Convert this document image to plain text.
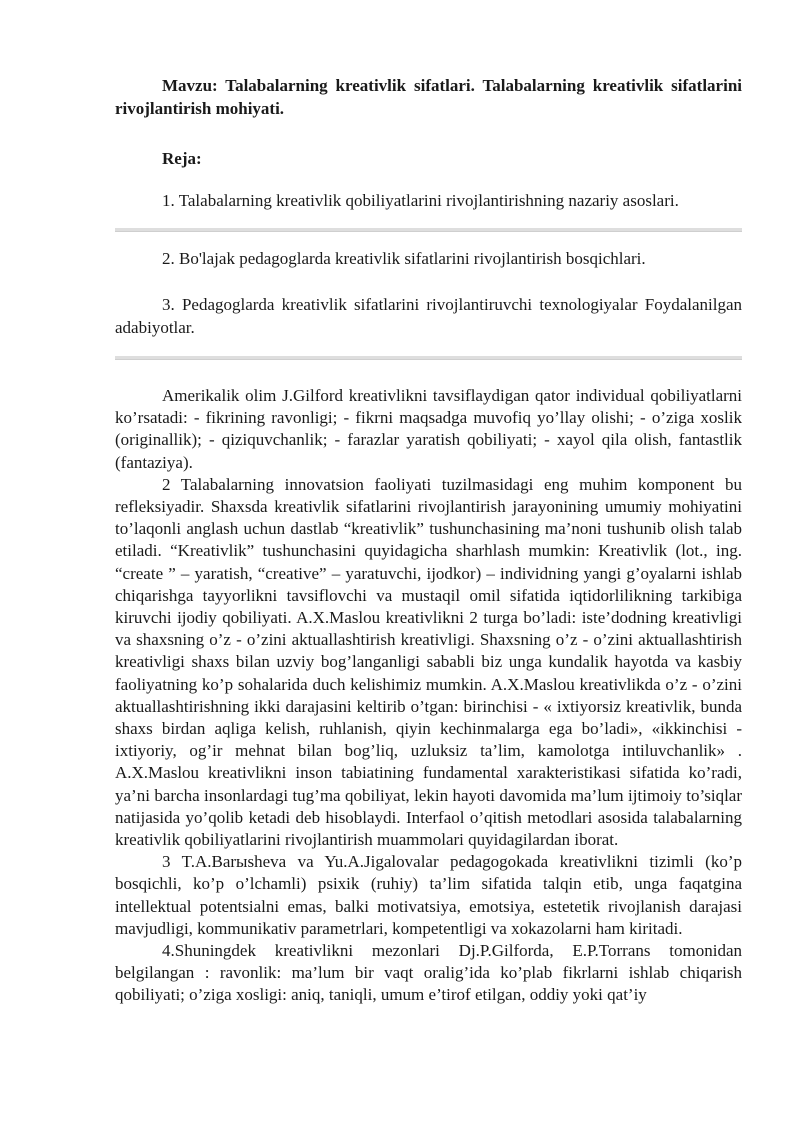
Mavzu: Talabalarning kreativlik sifatlari. Talabalarning kreativlik sifatlarini rivojlantirish mohiyati.

Reja:

1. Talabalarning kreativlik qobiliyatlarini rivojlantirishning nazariy asoslari.

2. Bo'lajak pedagoglarda kreativlik sifatlarini rivojlantirish bosqichlari.

3. Pedagoglarda kreativlik sifatlarini rivojlantiruvchi texnologiyalar Foydalanilgan adabiyotlar.

Amerikalik olim J.Gilford kreativlikni tavsiflaydigan qator individual qobiliyatlarni ko’rsatadi: - fikrining ravonligi; - fikrni maqsadga muvofiq yo’llay olishi; - o’ziga xoslik (originallik); - qiziquvchanlik; - farazlar yaratish qobiliyati; - xayol qila olish, fantastlik (fantaziya).

2 Talabalarning innovatsion faoliyati tuzilmasidagi eng muhim komponent bu refleksiyadir. Shaxsda kreativlik sifatlarini rivojlantirish jarayonining umumiy mohiyatini to’laqonli anglash uchun dastlab “kreativlik” tushunchasining ma’noni tushunib olish talab etiladi. “Kreativlik” tushunchasini quyidagicha sharhlash mumkin: Kreativlik (lot., ing. “create ” – yaratish, “creative” – yaratuvchi, ijodkor) – individning yangi g’oyalarni ishlab chiqarishga tayyorlikni tavsiflovchi va mustaqil omil sifatida iqtidorlilikning tarkibiga kiruvchi ijodiy qobiliyati. A.X.Maslou kreativlikni 2 turga bo’ladi: iste’dodning kreativligi va shaxsning o’z - o’zini aktuallashtirish kreativligi. Shaxsning o’z - o’zini aktuallashtirish kreativligi shaxs bilan uzviy bog’langanligi sababli biz unga kundalik hayotda va kasbiy faoliyatning ko’p sohalarida duch kelishimiz mumkin. A.X.Maslou kreativlikda o’z - o’zini aktuallashtirishning ikki darajasini keltirib o’tgan: birinchisi - « ixtiyorsiz kreativlik, bunda shaxs birdan aqliga kelish, ruhlanish, qiyin kechinmalarga ega bo’ladi», «ikkinchisi - ixtiyoriy, og’ir mehnat bilan bog’liq, uzluksiz ta’lim, kamolotga intiluvchanlik» . A.X.Maslou kreativlikni inson tabiatining fundamental xarakteristikasi sifatida ko’radi, ya’ni barcha insonlardagi tug’ma qobiliyat, lekin hayoti davomida ma’lum ijtimoiy to’siqlar natijasida yo’qolib ketadi deb hisoblaydi. Interfaol o’qitish metodlari asosida talabalarning kreativlik qobiliyatlarini rivojlantirish muammolari quyidagilardan iborat.

3 T.A.Ваrыsheva va Yu.A.Jigalovalar pedagogokada kreativlikni tizimli (ko’p bosqichli, ko’p o’lchamli) psixik (ruhiy) ta’lim sifatida talqin etib, unga faqatgina intellektual potentsialni emas, balki motivatsiya, emotsiya, estetetik rivojlanish darajasi mavjudligi, kommunikativ parametrlari, kompetentligi va xokazolarni ham kiritadi.

4.Shuningdek kreativlikni mezonlari Dj.P.Gilforda, E.P.Torrans tomonidan belgilangan : ravonlik: ma’lum bir vaqt oralig’ida ko’plab fikrlarni ishlab chiqarish qobiliyati; o’ziga xosligi: aniq, taniqli, umum e’tirof etilgan, oddiy yoki qat’iy
